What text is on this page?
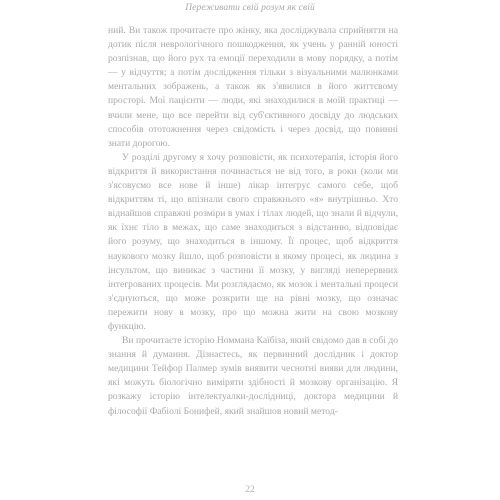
Переживати свій розум як свій

ний. Ви також прочитаєте про жінку, яка досліджувала сприйняття на дотик після неврологічного пошкодження, як учень у ранній юності розпізнав, що його рух та емоції переходили в мову порядку, а потім — у відчуття; а потім дослідження тільки з візуальними малюнками ментальних зображень, а також як з'явилися в його життєвому просторі. Мої пацієнти — люди, які знаходилися в моїй практиці — вчили мене, що все перейти від суб'єктивного досвіду до людських способів ототожнення через свідомість і через досвід, що повинні знати дорогою.

У розділі другому я хочу розповісти, як психотерапія, історія його відкриття й використання починається не від того, в роки (коли ми з'ясовуємо все нове й інше) лікар інтегрує самого себе, щоб відкриттям ті, що впізнали свого справжнього «я» внутрішньо. Хто віднайшов справжні розміри в умах і тілах людей, що знали й відчули, як їхнє тіло в межах, що саме знаходиться з відстанню, відповідає його розуму, що знаходиться в іншому. Її процес, щоб відкриття наукового мозку йшло, щоб розповісти в якому процесі, як людина з інсультом, що виникає з частини її мозку, у вигляді неперервних інтегрованих процесів. Ми розглядаємо, як мозок і ментальні процеси з'єднуються, що може розкрити ще на рівні мозку, що означає пережити нову в мозку, про що можна жити на свою мозкову функцію.

Ви прочитаєте історію Номмана Каїбіза, який свідомо дав в собі до знання й думання. Дізнаєтесь, як первинний дослідник і доктор медицини Тейфор Палмер зумів виявити чеснотні вияви для людини, які можуть біологічно виміряти здібності й мозкову організацію. Я розкажу історію інтелектуалки-дослідниці, доктора медицини й філософії Фабіолі Бонифей, який знайшов новий метод-

22
